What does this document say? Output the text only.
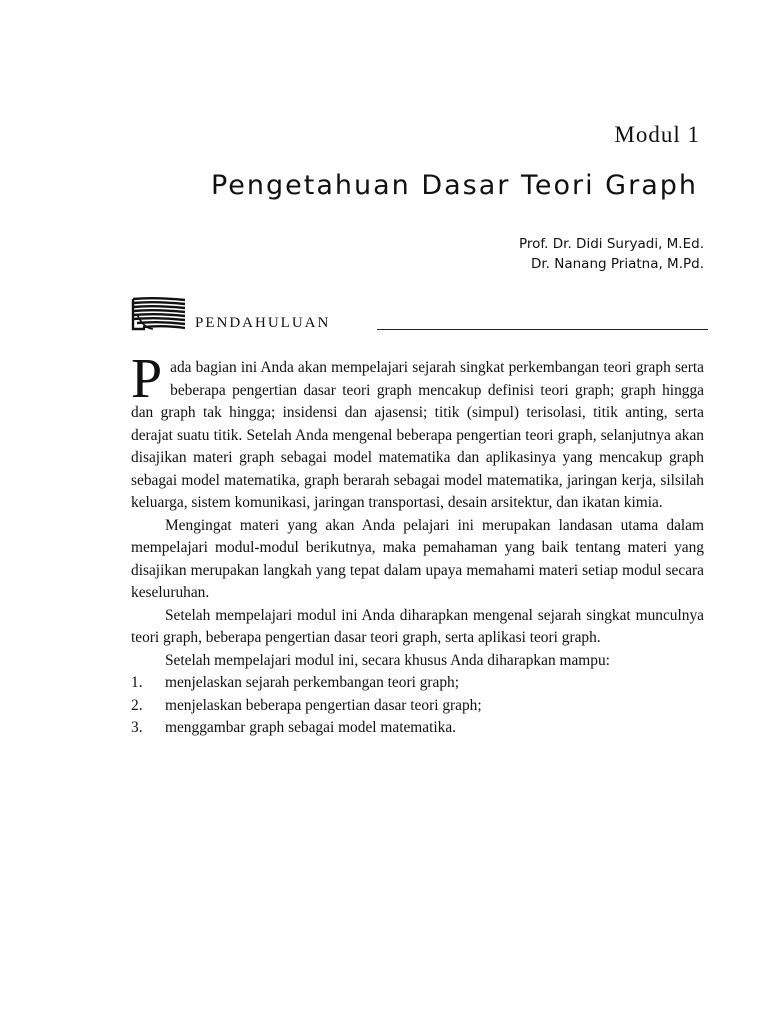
Modul 1
Pengetahuan Dasar Teori Graph
Prof. Dr. Didi Suryadi, M.Ed.
Dr. Nanang Priatna, M.Pd.
PENDAHULUAN

Pada bagian ini Anda akan mempelajari sejarah singkat perkembangan teori graph serta beberapa pengertian dasar teori graph mencakup definisi teori graph; graph hingga dan graph tak hingga; insidensi dan ajasensi; titik (simpul) terisolasi, titik anting, serta derajat suatu titik. Setelah Anda mengenal beberapa pengertian teori graph, selanjutnya akan disajikan materi graph sebagai model matematika dan aplikasinya yang mencakup graph sebagai model matematika, graph berarah sebagai model matematika, jaringan kerja, silsilah keluarga, sistem komunikasi, jaringan transportasi, desain arsitektur, dan ikatan kimia.

Mengingat materi yang akan Anda pelajari ini merupakan landasan utama dalam mempelajari modul-modul berikutnya, maka pemahaman yang baik tentang materi yang disajikan merupakan langkah yang tepat dalam upaya memahami materi setiap modul secara keseluruhan.

Setelah mempelajari modul ini Anda diharapkan mengenal sejarah singkat munculnya teori graph, beberapa pengertian dasar teori graph, serta aplikasi teori graph.

Setelah mempelajari modul ini, secara khusus Anda diharapkan mampu:

1. menjelaskan sejarah perkembangan teori graph;
2. menjelaskan beberapa pengertian dasar teori graph;
3. menggambar graph sebagai model matematika.
